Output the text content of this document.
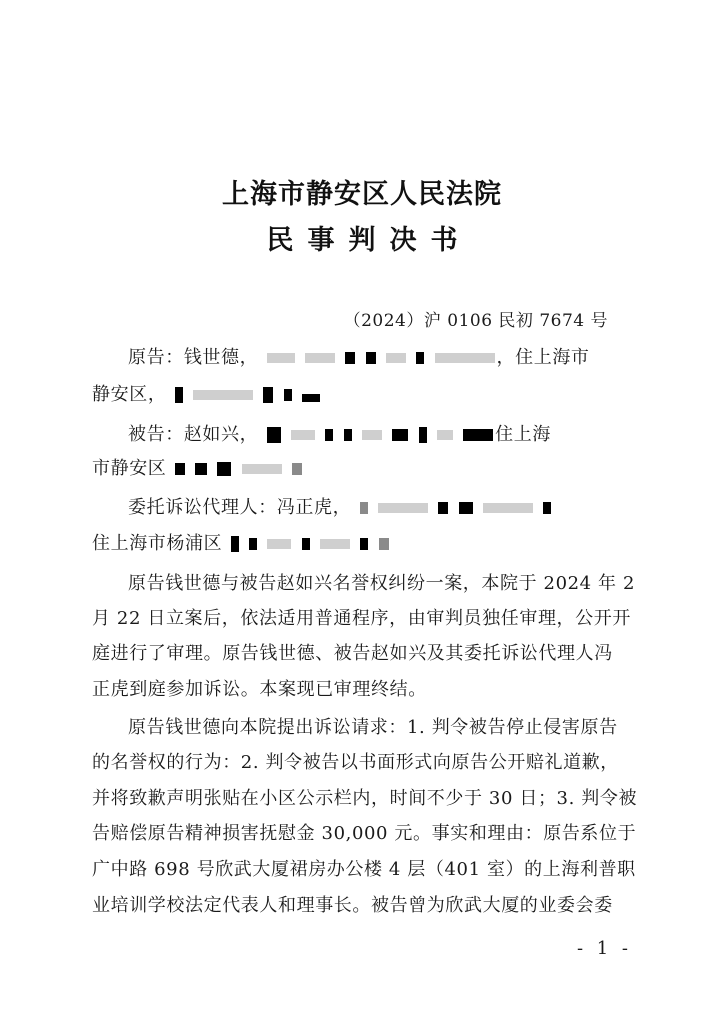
上海市静安区人民法院
民事判决书
（2024）沪 0106 民初 7674 号
原告：钱世德，	，住上海市
静安区，
被告：赵如兴，	住上海
市静安区
委托诉讼代理人：冯正虎，
住上海市杨浦区
原告钱世德与被告赵如兴名誉权纠纷一案，本院于 2024 年 2
月 22 日立案后，依法适用普通程序，由审判员独任审理，公开开
庭进行了审理。原告钱世德、被告赵如兴及其委托诉讼代理人冯
正虎到庭参加诉讼。本案现已审理终结。
原告钱世德向本院提出诉讼请求：1. 判令被告停止侵害原告
的名誉权的行为：2. 判令被告以书面形式向原告公开赔礼道歉，
并将致歉声明张贴在小区公示栏内，时间不少于 30 日；3. 判令被
告赔偿原告精神损害抚慰金 30,000 元。事实和理由：原告系位于
广中路 698 号欣武大厦裙房办公楼 4 层（401 室）的上海利普职
业培训学校法定代表人和理事长。被告曾为欣武大厦的业委会委
- 1 -
